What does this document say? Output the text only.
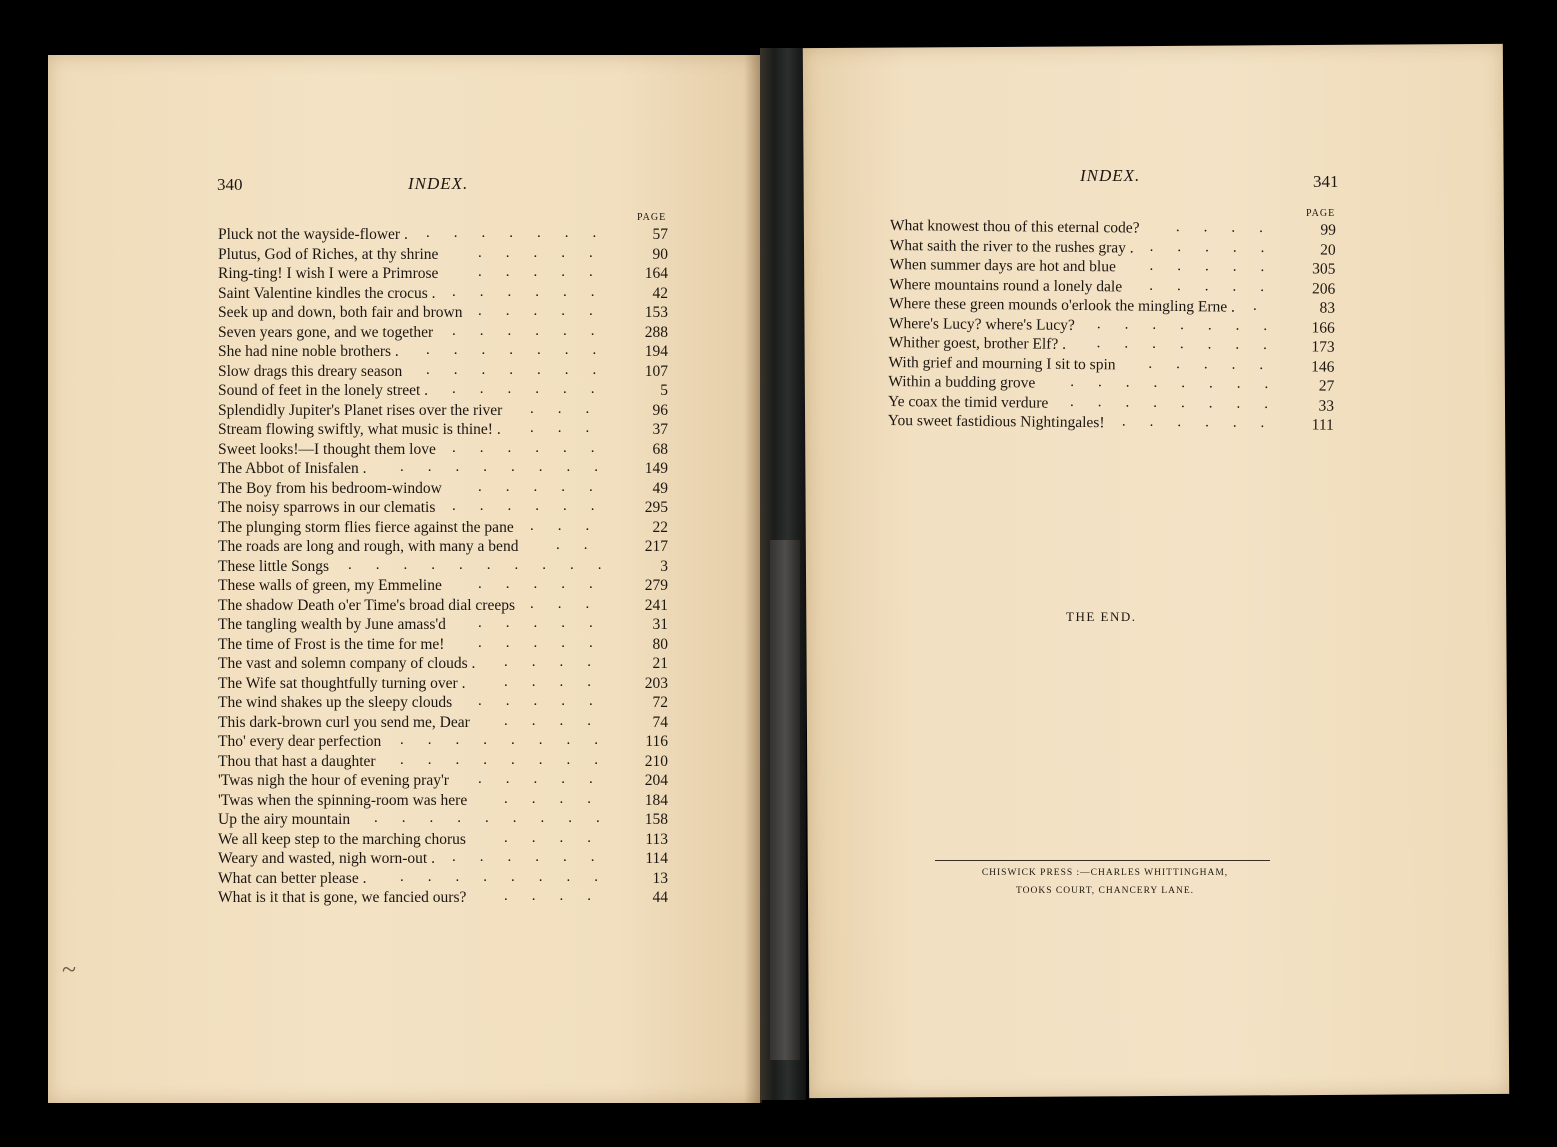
340	INDEX.
PAGE
Pluck not the wayside-flower .	57
.......
Plutus, God of Riches, at thy shrine	90
.....
Ring-ting! I wish I were a Primrose	164
.....
Saint Valentine kindles the crocus .	42
......
Seek up and down, both fair and brown	153
.....
Seven years gone, and we together	288
......
She had nine noble brothers .	194
.......
Slow drags this dreary season	107
.......
Sound of feet in the lonely street .	5
......
Splendidly Jupiter's Planet rises over the river	96
...
Stream flowing swiftly, what music is thine! .	37
...
Sweet looks!—I thought them love	68
......
The Abbot of Inisfalen .	149
........
The Boy from his bedroom-window	49
.....
The noisy sparrows in our clematis	295
......
The plunging storm flies fierce against the pane	22
...
The roads are long and rough, with many a bend	217
..
These little Songs	3
..........
These walls of green, my Emmeline	279
.....
The shadow Death o'er Time's broad dial creeps	241
...
The tangling wealth by June amass'd	31
.....
The time of Frost is the time for me!	80
.....
The vast and solemn company of clouds .	21
....
The Wife sat thoughtfully turning over .	203
....
The wind shakes up the sleepy clouds	72
.....
This dark-brown curl you send me, Dear	74
....
Tho' every dear perfection	116
........
Thou that hast a daughter	210
........
'Twas nigh the hour of evening pray'r	204
.....
'Twas when the spinning-room was here	184
....
Up the airy mountain	158
.........
We all keep step to the marching chorus	113
....
Weary and wasted, nigh worn-out .	114
......
What can better please .	13
........
What is it that is gone, we fancied ours?	44
....
INDEX.	341
PAGE
What knowest thou of this eternal code?	99
....
What saith the river to the rushes gray .	20
.....
When summer days are hot and blue	305
.....
Where mountains round a lonely dale	206
.....
Where these green mounds o'erlook the mingling Erne .	83
.
Where's Lucy? where's Lucy?	166
.......
Whither goest, brother Elf? .	173
.......
With grief and mourning I sit to spin	146
.....
Within a budding grove	27
........
Ye coax the timid verdure	33
........
You sweet fastidious Nightingales!	111
......
THE END.
CHISWICK PRESS :—CHARLES WHITTINGHAM,
TOOKS COURT, CHANCERY LANE.
~
